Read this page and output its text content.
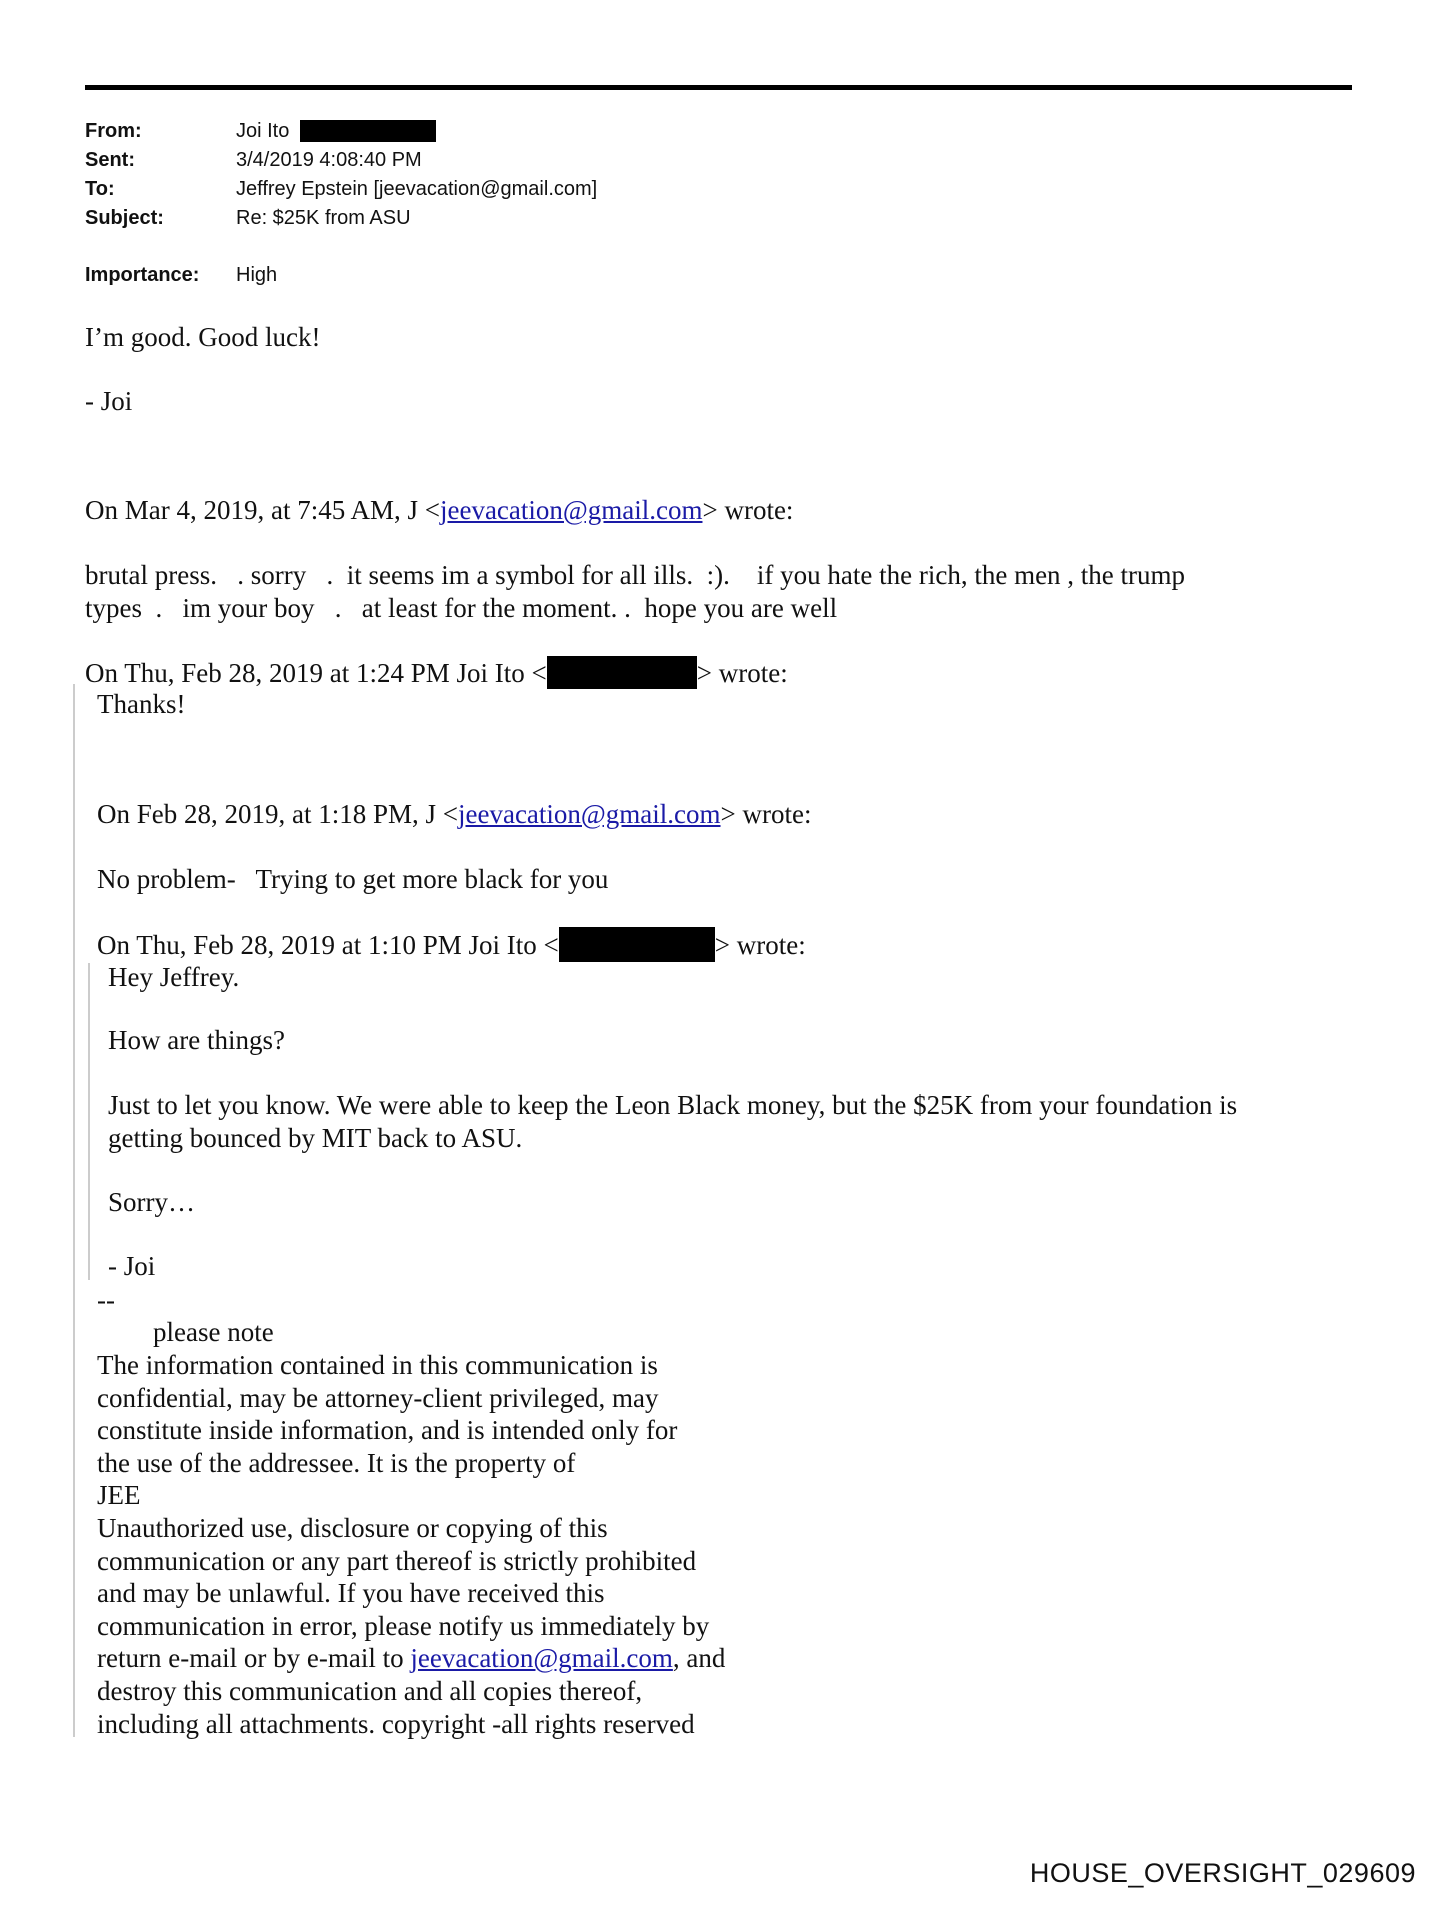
From:	Joi Ito
Sent:	3/4/2019 4:08:40 PM
To:	Jeffrey Epstein [jeevacation@gmail.com]
Subject:	Re: $25K from ASU
Importance: High
I’m good. Good luck!
- Joi
On Mar 4, 2019, at 7:45 AM, J <jeevacation@gmail.com> wrote:
brutal press.   . sorry   .  it seems im a symbol for all ills.  :).    if you hate the rich, the men , the trump
types  .   im your boy   .   at least for the moment. .  hope you are well
On Thu, Feb 28, 2019 at 1:24 PM Joi Ito <	> wrote:
Thanks!
On Feb 28, 2019, at 1:18 PM, J <jeevacation@gmail.com> wrote:
No problem-   Trying to get more black for you
On Thu, Feb 28, 2019 at 1:10 PM Joi Ito <	> wrote:
Hey Jeffrey.
How are things?
Just to let you know. We were able to keep the Leon Black money, but the $25K from your foundation is
getting bounced by MIT back to ASU.
Sorry…
- Joi
--
please note
The information contained in this communication is
confidential, may be attorney-client privileged, may
constitute inside information, and is intended only for
the use of the addressee. It is the property of
JEE
Unauthorized use, disclosure or copying of this
communication or any part thereof is strictly prohibited
and may be unlawful. If you have received this
communication in error, please notify us immediately by
return e-mail or by e-mail to jeevacation@gmail.com, and
destroy this communication and all copies thereof,
including all attachments. copyright -all rights reserved
HOUSE_OVERSIGHT_029609
